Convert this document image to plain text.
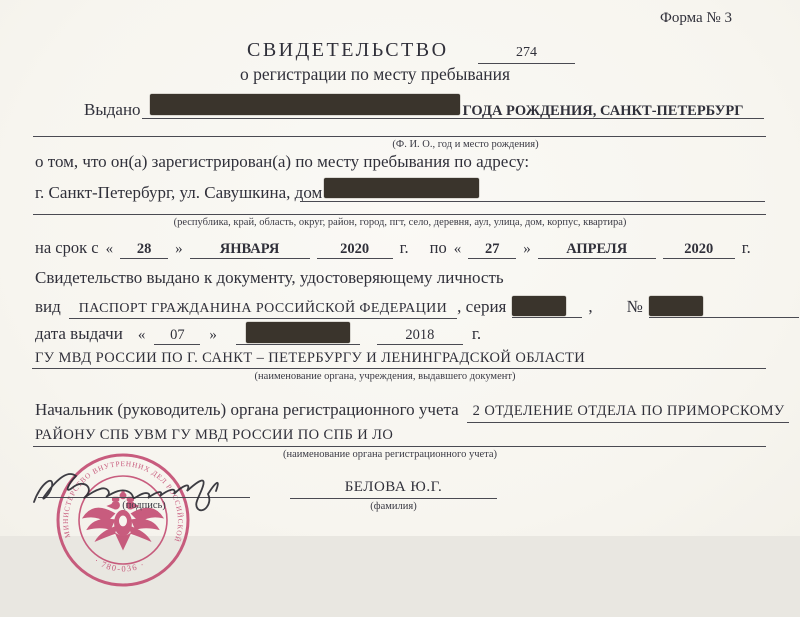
Форма № 3
СВИДЕТЕЛЬСТВО	274
о регистрации по месту пребывания
Выдано	ГОДА РОЖДЕНИЯ, САНКТ-ПЕТЕРБУРГ
(Ф. И. О., год и место рождения)
о том, что он(а) зарегистрирован(а) по месту пребывания по адресу:
г. Санкт-Петербург, ул. Савушкина, дом
(республика, край, область, округ, район, город, пгт, село, деревня, аул, улица, дом, корпус, квартира)
на срок с «	28	»	ЯНВАРЯ	2020	г. по «	27	»	АПРЕЛЯ	2020	г.
Свидетельство выдано к документу, удостоверяющему личность
вид	ПАСПОРТ ГРАЖДАНИНА РОССИЙСКОЙ ФЕДЕРАЦИИ , серия	, №
дата выдачи «	07	»	2018	г.
ГУ МВД РОССИИ ПО Г. САНКТ – ПЕТЕРБУРГУ И ЛЕНИНГРАДСКОЙ ОБЛАСТИ
(наименование органа, учреждения, выдавшего документ)
Начальник (руководитель) органа регистрационного учета 2 ОТДЕЛЕНИЕ ОТДЕЛА ПО ПРИМОРСКОМУ
РАЙОНУ СПБ УВМ ГУ МВД РОССИИ ПО СПБ И ЛО
(наименование органа регистрационного учета)
МИНИСТЕРСТВО ВНУТРЕННИХ ДЕЛ РОССИЙСКОЙ
· 780-036 ·
(подпись)
БЕЛОВА Ю.Г.
(фамилия)
